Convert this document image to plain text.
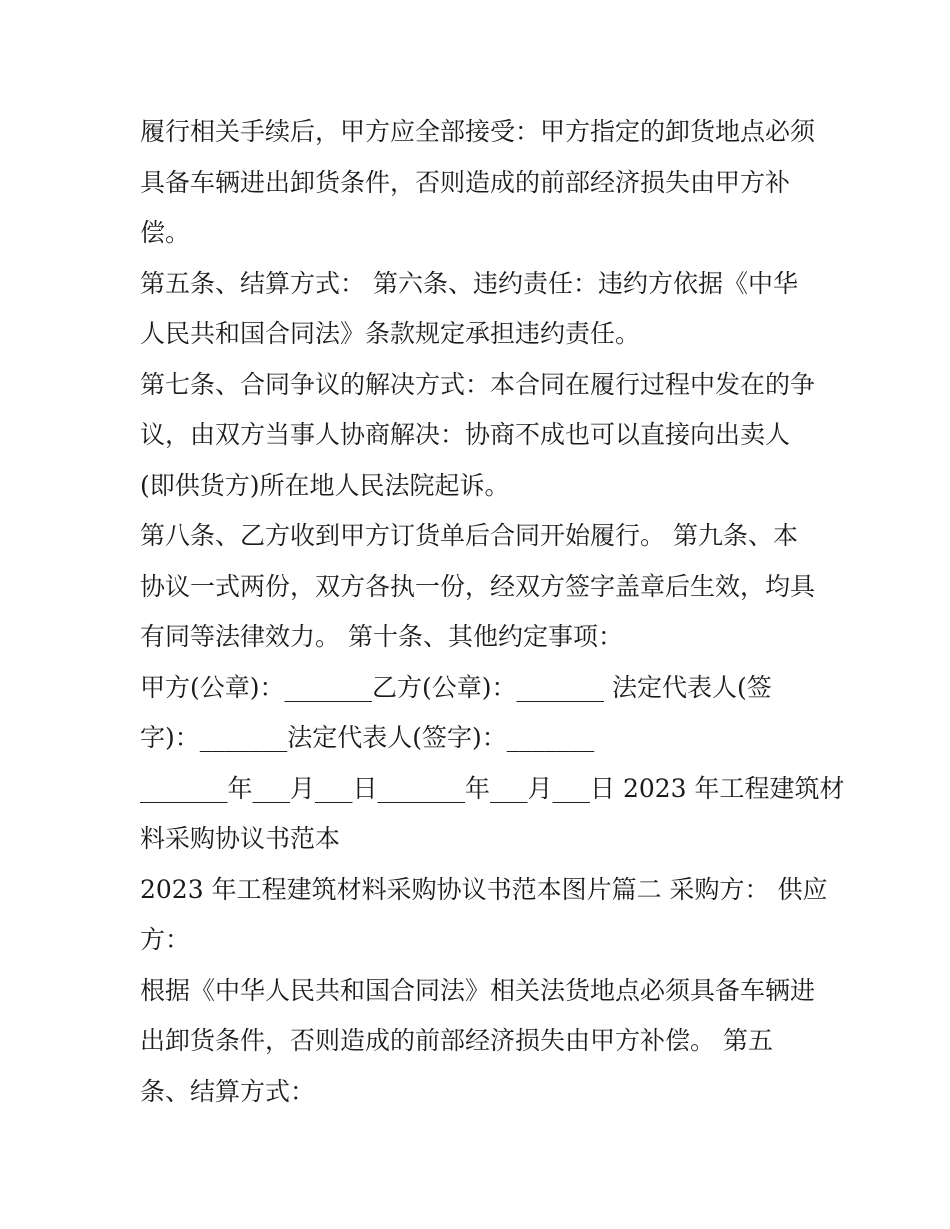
履行相关手续后，甲方应全部接受：甲方指定的卸货地点必须
具备车辆进出卸货条件，否则造成的前部经济损失由甲方补
偿。
第五条、结算方式： 第六条、违约责任：违约方依据《中华
人民共和国合同法》条款规定承担违约责任。
第七条、合同争议的解决方式：本合同在履行过程中发在的争
议，由双方当事人协商解决：协商不成也可以直接向出卖人
(即供货方)所在地人民法院起诉。
第八条、乙方收到甲方订货单后合同开始履行。 第九条、本
协议一式两份，双方各执一份，经双方签字盖章后生效，均具
有同等法律效力。 第十条、其他约定事项：
甲方(公章)：_______乙方(公章)：_______ 法定代表人(签
字)：_______法定代表人(签字)：_______
_______年___月___日_______年___月___日 2023 年工程建筑材
料采购协议书范本
2023 年工程建筑材料采购协议书范本图片篇二 采购方： 供应
方：
根据《中华人民共和国合同法》相关法货地点必须具备车辆进
出卸货条件，否则造成的前部经济损失由甲方补偿。 第五
条、结算方式：
